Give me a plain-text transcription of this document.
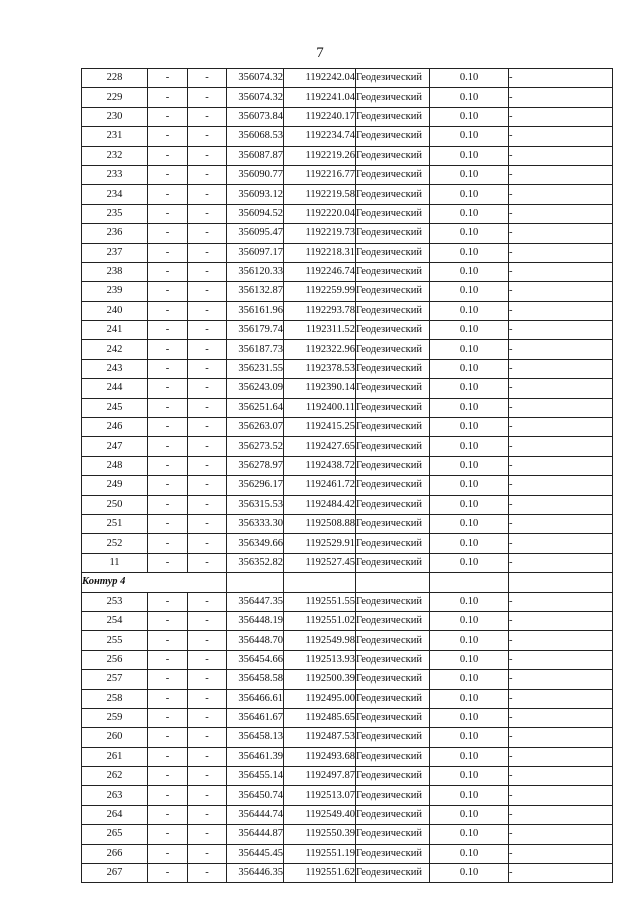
7
228	-	-	356074.32	1192242.04	Геодезический	0.10	-
229	-	-	356074.32	1192241.04	Геодезический	0.10	-
230	-	-	356073.84	1192240.17	Геодезический	0.10	-
231	-	-	356068.53	1192234.74	Геодезический	0.10	-
232	-	-	356087.87	1192219.26	Геодезический	0.10	-
233	-	-	356090.77	1192216.77	Геодезический	0.10	-
234	-	-	356093.12	1192219.58	Геодезический	0.10	-
235	-	-	356094.52	1192220.04	Геодезический	0.10	-
236	-	-	356095.47	1192219.73	Геодезический	0.10	-
237	-	-	356097.17	1192218.31	Геодезический	0.10	-
238	-	-	356120.33	1192246.74	Геодезический	0.10	-
239	-	-	356132.87	1192259.99	Геодезический	0.10	-
240	-	-	356161.96	1192293.78	Геодезический	0.10	-
241	-	-	356179.74	1192311.52	Геодезический	0.10	-
242	-	-	356187.73	1192322.96	Геодезический	0.10	-
243	-	-	356231.55	1192378.53	Геодезический	0.10	-
244	-	-	356243.09	1192390.14	Геодезический	0.10	-
245	-	-	356251.64	1192400.11	Геодезический	0.10	-
246	-	-	356263.07	1192415.25	Геодезический	0.10	-
247	-	-	356273.52	1192427.65	Геодезический	0.10	-
248	-	-	356278.97	1192438.72	Геодезический	0.10	-
249	-	-	356296.17	1192461.72	Геодезический	0.10	-
250	-	-	356315.53	1192484.42	Геодезический	0.10	-
251	-	-	356333.30	1192508.88	Геодезический	0.10	-
252	-	-	356349.66	1192529.91	Геодезический	0.10	-
11	-	-	356352.82	1192527.45	Геодезический	0.10	-
Контур 4							
253	-	-	356447.35	1192551.55	Геодезический	0.10	-
254	-	-	356448.19	1192551.02	Геодезический	0.10	-
255	-	-	356448.70	1192549.98	Геодезический	0.10	-
256	-	-	356454.66	1192513.93	Геодезический	0.10	-
257	-	-	356458.58	1192500.39	Геодезический	0.10	-
258	-	-	356466.61	1192495.00	Геодезический	0.10	-
259	-	-	356461.67	1192485.65	Геодезический	0.10	-
260	-	-	356458.13	1192487.53	Геодезический	0.10	-
261	-	-	356461.39	1192493.68	Геодезический	0.10	-
262	-	-	356455.14	1192497.87	Геодезический	0.10	-
263	-	-	356450.74	1192513.07	Геодезический	0.10	-
264	-	-	356444.74	1192549.40	Геодезический	0.10	-
265	-	-	356444.87	1192550.39	Геодезический	0.10	-
266	-	-	356445.45	1192551.19	Геодезический	0.10	-
267	-	-	356446.35	1192551.62	Геодезический	0.10	-
